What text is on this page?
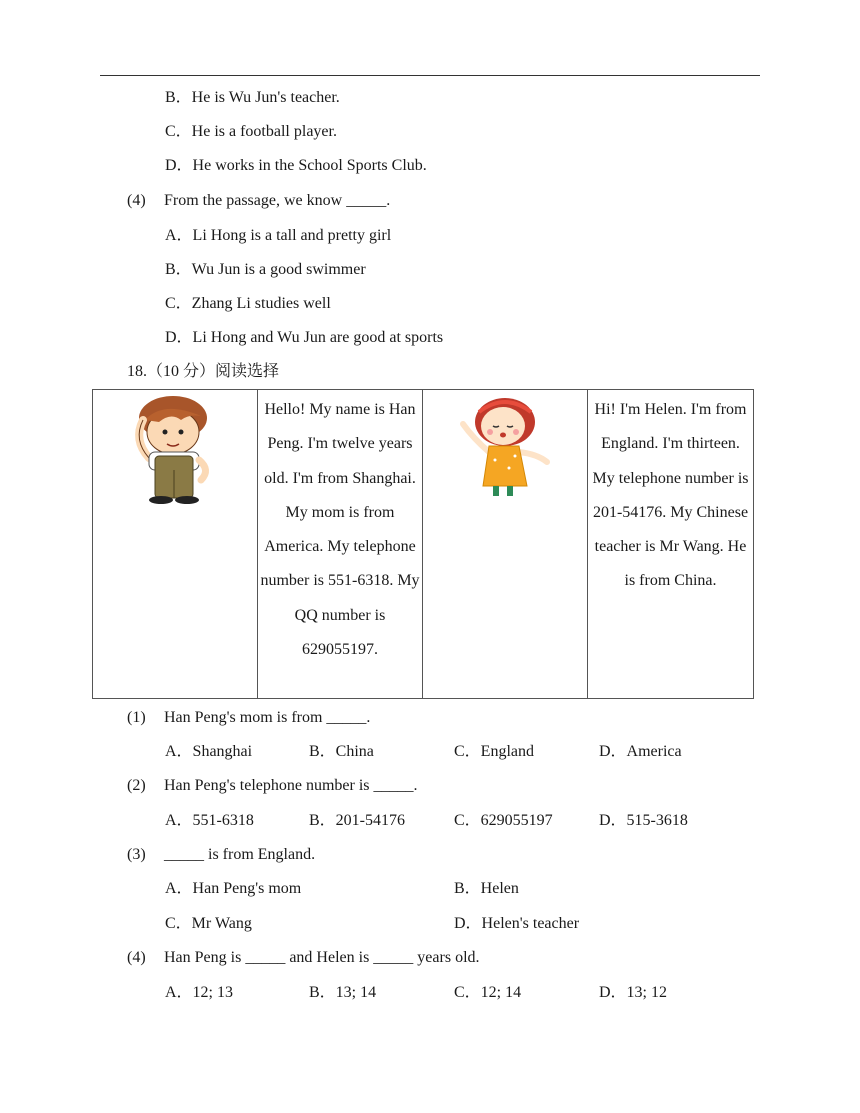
B．He is Wu Jun's teacher.
C．He is a football player.
D．He works in the School Sports Club.
(4) From the passage, we know _____.
A．Li Hong is a tall and pretty girl
B．Wu Jun is a good swimmer
C．Zhang Li studies well
D．Li Hong and Wu Jun are good at sports
18.（10 分）阅读选择

Hello! My name is Han Peng. I'm twelve years old. I'm from Shanghai. My mom is from America. My telephone number is 551-6318. My QQ number is 629055197.

Hi! I'm Helen. I'm from England. I'm thirteen. My telephone number is 201-54176. My Chinese teacher is Mr Wang. He is from China.
(1) Han Peng's mom is from _____.
A．Shanghai	B．China	C．England	D．America
(2) Han Peng's telephone number is _____.
A．551-6318	B．201-54176	C．629055197	D．515-3618
(3) _____ is from England.
A．Han Peng's mom	B．Helen
C．Mr Wang	D．Helen's teacher
(4) Han Peng is _____ and Helen is _____ years old.
A．12; 13	B．13; 14	C．12; 14	D．13; 12
